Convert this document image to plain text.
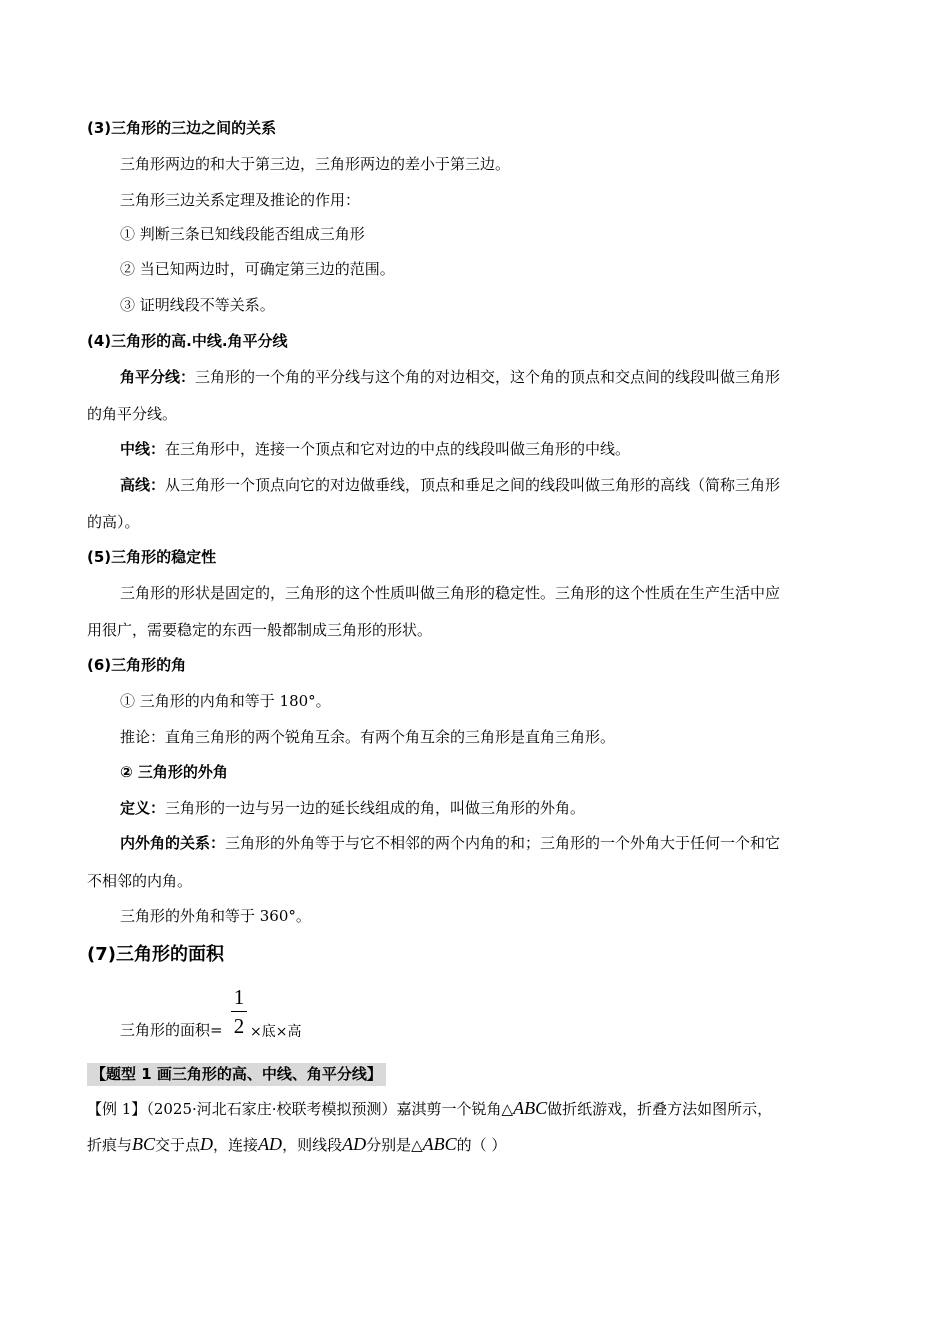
(3)三角形的三边之间的关系
三角形两边的和大于第三边，三角形两边的差小于第三边。
三角形三边关系定理及推论的作用：
① 判断三条已知线段能否组成三角形
② 当已知两边时，可确定第三边的范围。
③ 证明线段不等关系。
(4)三角形的高.中线.角平分线
角平分线：三角形的一个角的平分线与这个角的对边相交，这个角的顶点和交点间的线段叫做三角形
的角平分线。
中线：在三角形中，连接一个顶点和它对边的中点的线段叫做三角形的中线。
高线：从三角形一个顶点向它的对边做垂线，顶点和垂足之间的线段叫做三角形的高线（简称三角形
的高）。
(5)三角形的稳定性
三角形的形状是固定的，三角形的这个性质叫做三角形的稳定性。三角形的这个性质在生产生活中应
用很广，需要稳定的东西一般都制成三角形的形状。
(6)三角形的角
① 三角形的内角和等于 180°。
推论：直角三角形的两个锐角互余。有两个角互余的三角形是直角三角形。
② 三角形的外角
定义：三角形的一边与另一边的延长线组成的角，叫做三角形的外角。
内外角的关系：三角形的外角等于与它不相邻的两个内角的和；三角形的一个外角大于任何一个和它
不相邻的内角。
三角形的外角和等于 360°。
(7)三角形的面积
三角形的面积=
1
2 ×底×高
【题型 1 画三角形的高、中线、角平分线】
【例 1】（2025·河北石家庄·校联考模拟预测）嘉淇剪一个锐角△ABC做折纸游戏，折叠方法如图所示，
折痕与BC交于点D，连接AD，则线段AD分别是△ABC的（ ）
